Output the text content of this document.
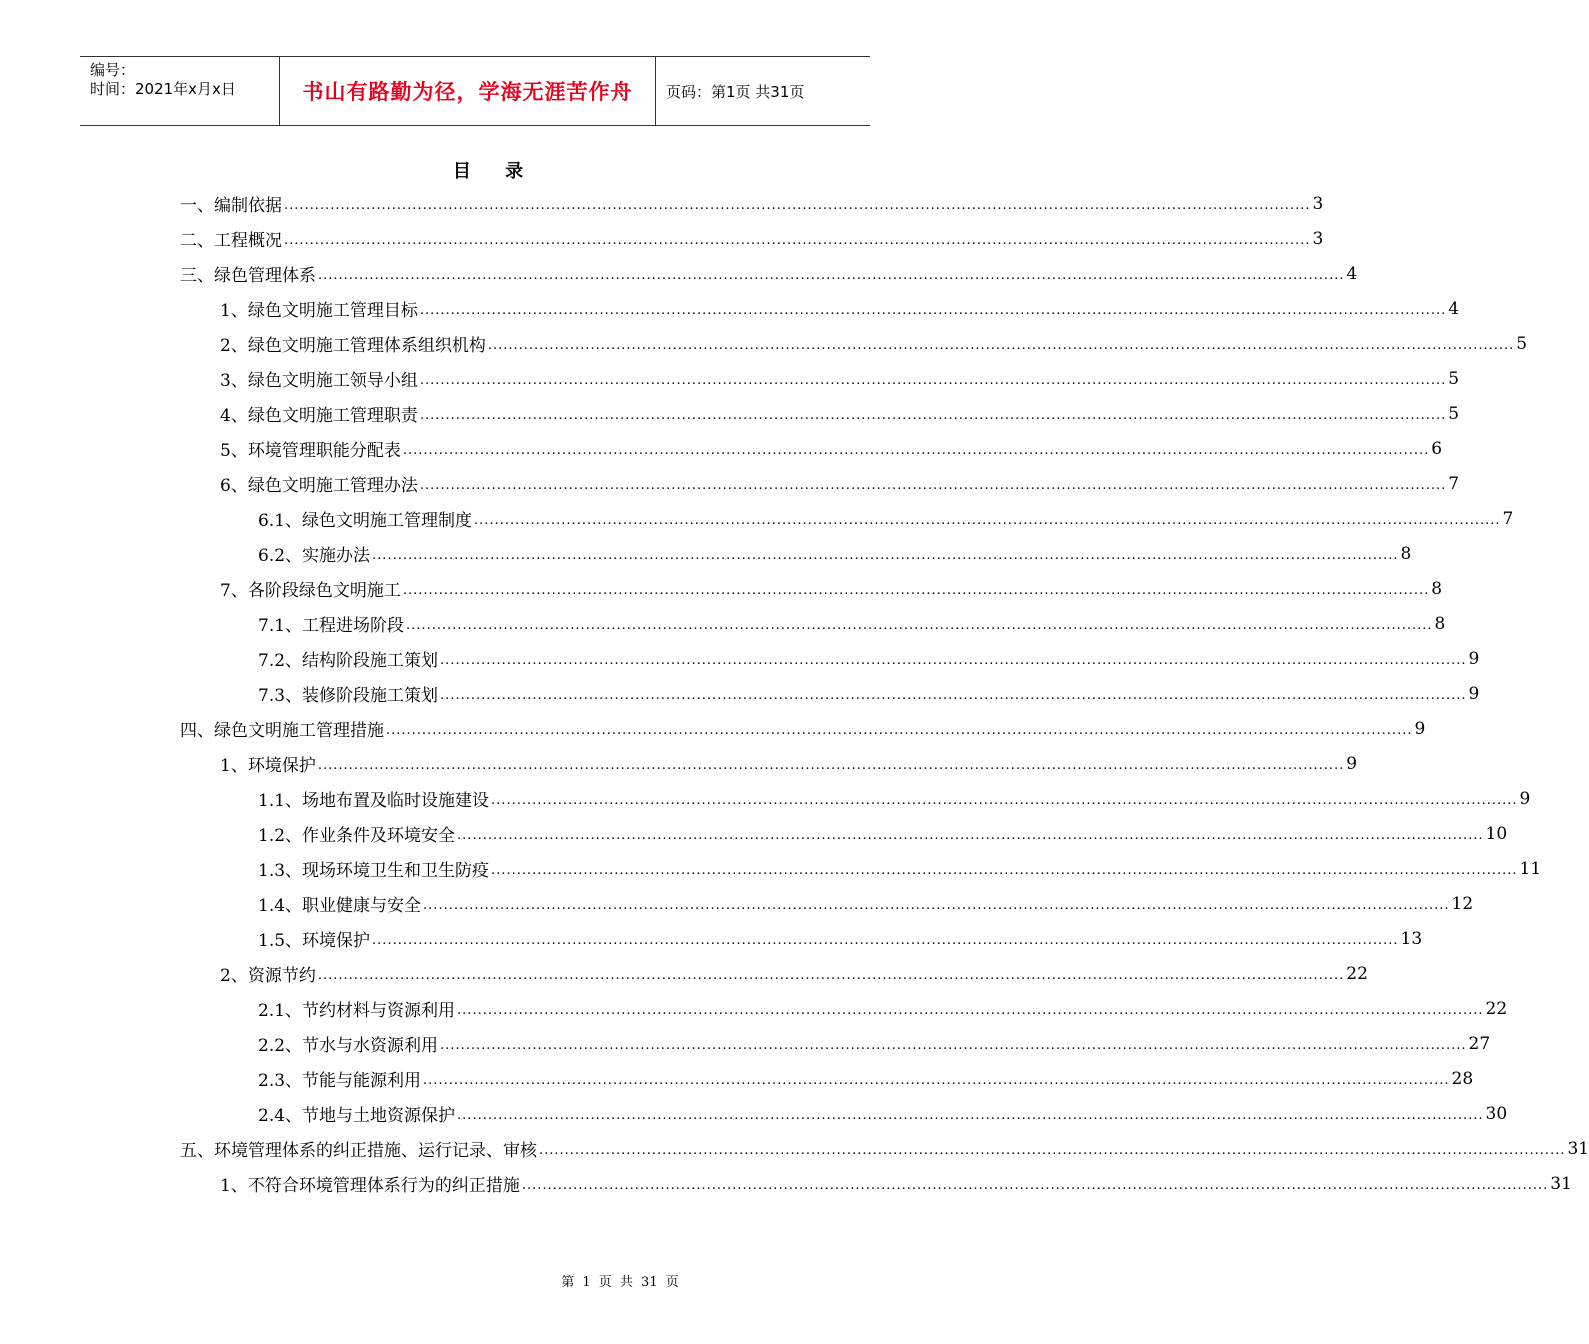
编号：
时间：2021年x月x日	书山有路勤为径，学海无涯苦作舟	页码：第1页 共31页
目 录
一、 编制依据 ........................................................................................................................................................................................................ 3
二、 工程概况 ........................................................................................................................................................................................................ 3
三、 绿色管理体系 ........................................................................................................................................................................................................ 4
1、 绿色文明施工管理目标 ........................................................................................................................................................................................................ 4
2、 绿色文明施工管理体系组织机构 ........................................................................................................................................................................................................ 5
3、 绿色文明施工领导小组 ........................................................................................................................................................................................................ 5
4、 绿色文明施工管理职责 ........................................................................................................................................................................................................ 5
5、 环境管理职能分配表 ........................................................................................................................................................................................................ 6
6、 绿色文明施工管理办法 ........................................................................................................................................................................................................ 7
6.1、 绿色文明施工管理制度 ........................................................................................................................................................................................................ 7
6.2、 实施办法 ........................................................................................................................................................................................................ 8
7、 各阶段绿色文明施工 ........................................................................................................................................................................................................ 8
7.1、 工程进场阶段 ........................................................................................................................................................................................................ 8
7.2、 结构阶段施工策划 ........................................................................................................................................................................................................ 9
7.3、 装修阶段施工策划 ........................................................................................................................................................................................................ 9
四、 绿色文明施工管理措施 ........................................................................................................................................................................................................ 9
1、 环境保护 ........................................................................................................................................................................................................ 9
1.1、 场地布置及临时设施建设 ........................................................................................................................................................................................................ 9
1.2、 作业条件及环境安全 ........................................................................................................................................................................................................ 10
1.3、 现场环境卫生和卫生防疫 ........................................................................................................................................................................................................ 11
1.4、 职业健康与安全 ........................................................................................................................................................................................................ 12
1.5、 环境保护 ........................................................................................................................................................................................................ 13
2、 资源节约 ........................................................................................................................................................................................................ 22
2.1、 节约材料与资源利用 ........................................................................................................................................................................................................ 22
2.2、 节水与水资源利用 ........................................................................................................................................................................................................ 27
2.3、 节能与能源利用 ........................................................................................................................................................................................................ 28
2.4、 节地与土地资源保护 ........................................................................................................................................................................................................ 30
五、 环境管理体系的纠正措施、运行记录、审核 ........................................................................................................................................................................................................ 31
1、 不符合环境管理体系行为的纠正措施 ........................................................................................................................................................................................................ 31
第 1 页 共 31 页
